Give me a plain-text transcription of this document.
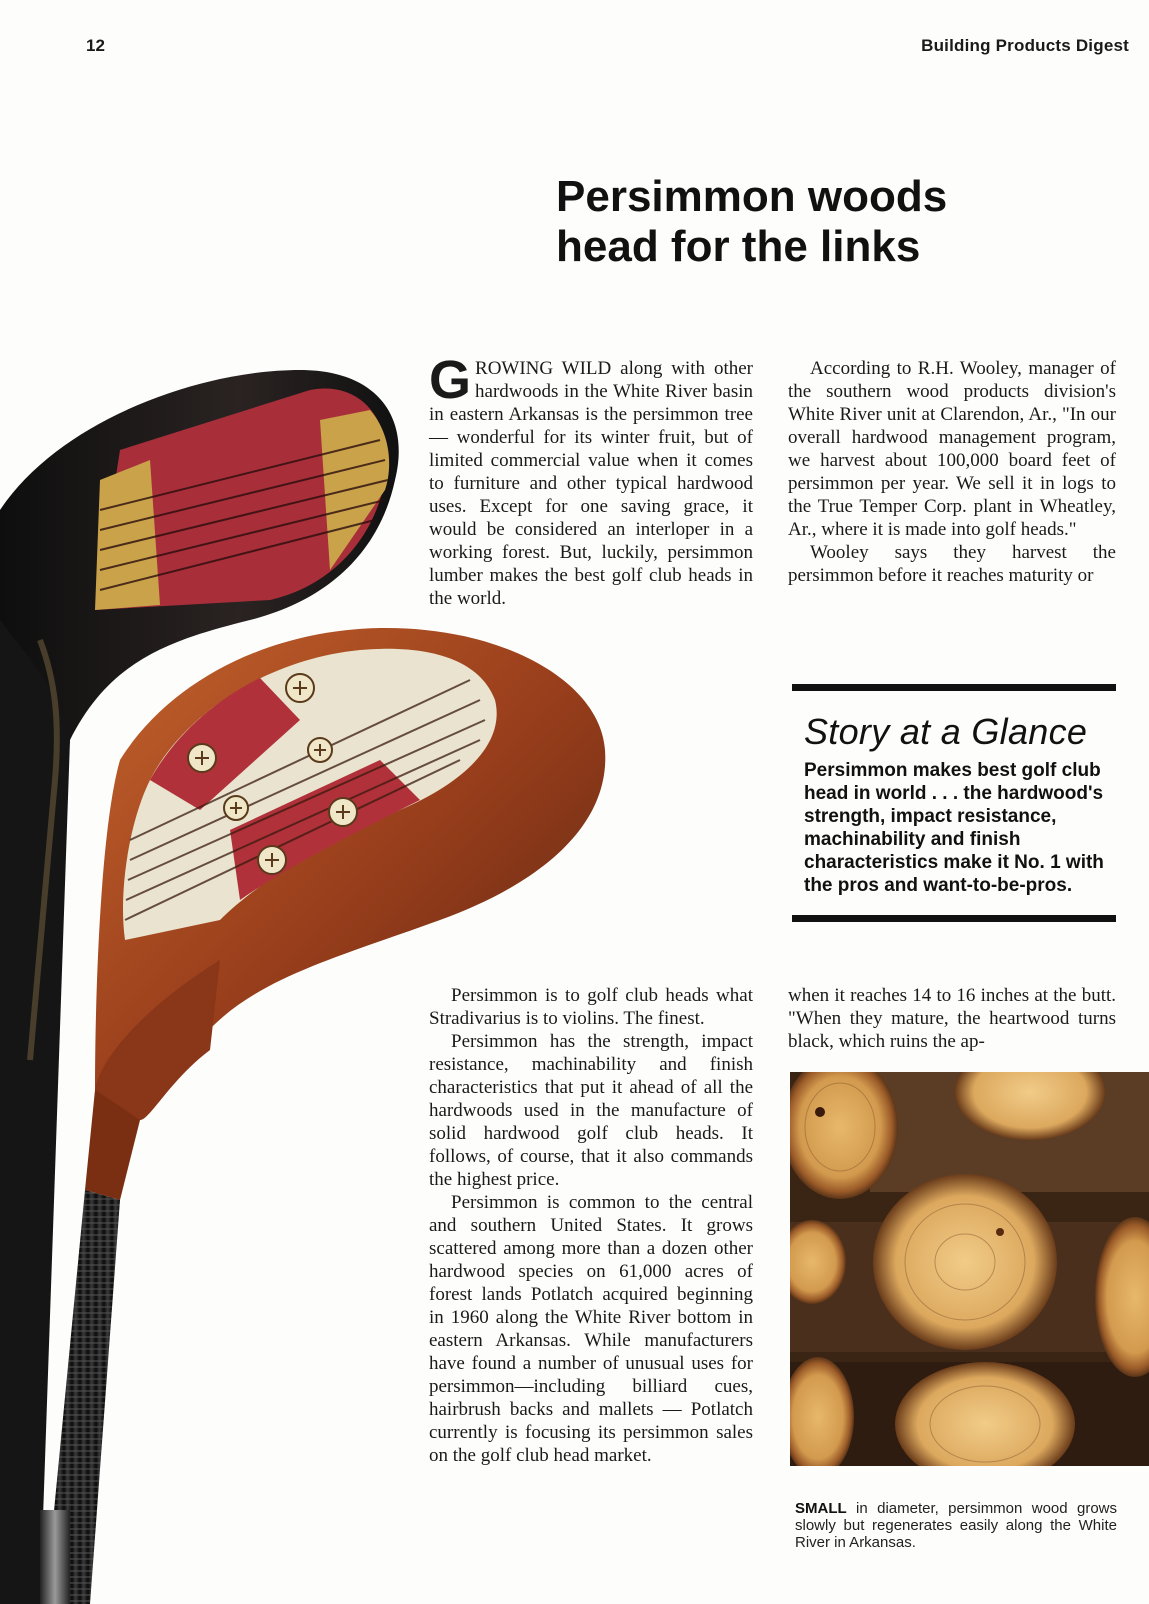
12	Building Products Digest
Persimmon woods
head for the links

GROWING WILD along with other hardwoods in the White River basin in eastern Arkansas is the persimmon tree — wonderful for its winter fruit, but of limited commercial value when it comes to furniture and other typical hardwood uses. Except for one saving grace, it would be considered an interloper in a working forest. But, luckily, persimmon lumber makes the best golf club heads in the world.

According to R.H. Wooley, manager of the southern wood products division's White River unit at Clarendon, Ar., "In our overall hardwood management program, we harvest about 100,000 board feet of persimmon per year. We sell it in logs to the True Temper Corp. plant in Wheatley, Ar., where it is made into golf heads."

Wooley says they harvest the persimmon before it reaches maturity or

Story at a Glance

Persimmon makes best golf club head in world . . . the hardwood's strength, impact resistance, machinability and finish characteristics make it No. 1 with the pros and want-to-be-pros.

Persimmon is to golf club heads what Stradivarius is to violins. The finest.

Persimmon has the strength, impact resistance, machinability and finish characteristics that put it ahead of all the hardwoods used in the manufacture of solid hardwood golf club heads. It follows, of course, that it also commands the highest price.

Persimmon is common to the central and southern United States. It grows scattered among more than a dozen other hardwood species on 61,000 acres of forest lands Potlatch acquired beginning in 1960 along the White River bottom in eastern Arkansas. While manufacturers have found a number of unusual uses for persimmon—including billiard cues, hairbrush backs and mallets — Potlatch currently is focusing its persimmon sales on the golf club head market.

when it reaches 14 to 16 inches at the butt. "When they mature, the heartwood turns black, which ruins the ap-

SMALL in diameter, persimmon wood grows slowly but regenerates easily along the White River in Arkansas.
